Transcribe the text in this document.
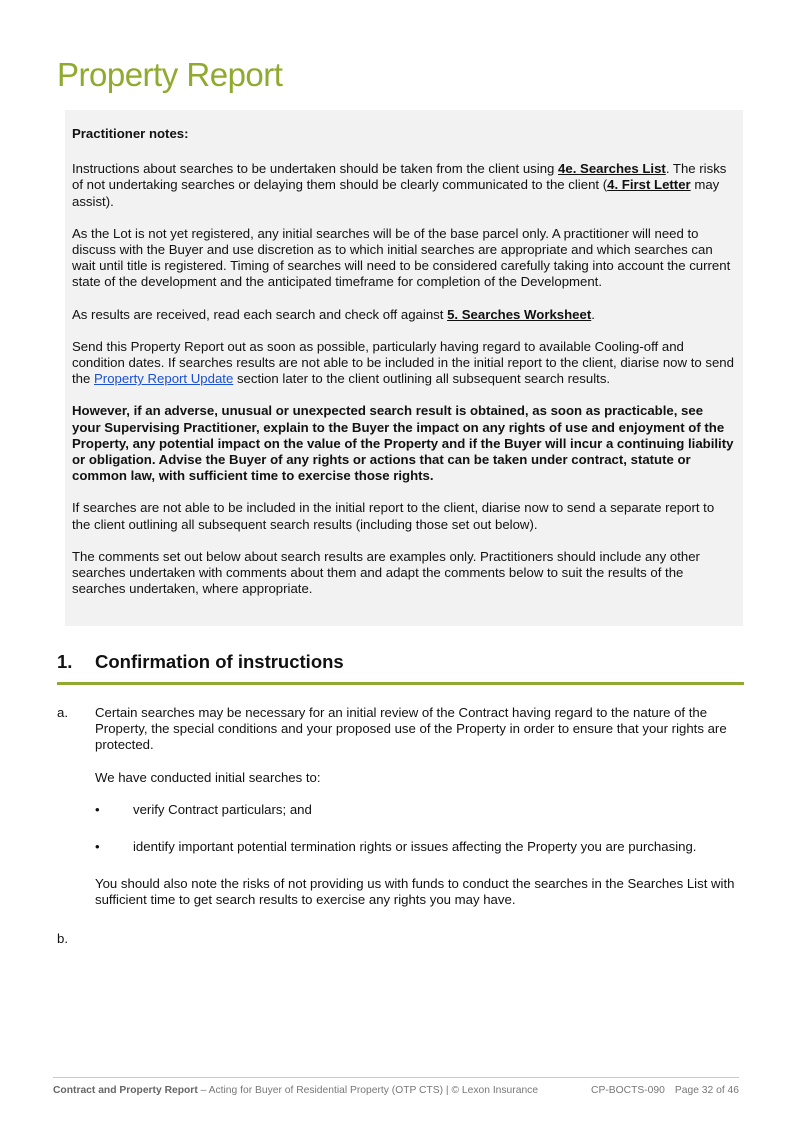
Property Report

Practitioner notes:

Instructions about searches to be undertaken should be taken from the client using 4e. Searches List. The risks of not undertaking searches or delaying them should be clearly communicated to the client (4. First Letter may assist).

As the Lot is not yet registered, any initial searches will be of the base parcel only. A practitioner will need to discuss with the Buyer and use discretion as to which initial searches are appropriate and which searches can wait until title is registered. Timing of searches will need to be considered carefully taking into account the current state of the development and the anticipated timeframe for completion of the Development.

As results are received, read each search and check off against 5. Searches Worksheet.

Send this Property Report out as soon as possible, particularly having regard to available Cooling-off and condition dates. If searches results are not able to be included in the initial report to the client, diarise now to send the Property Report Update section later to the client outlining all subsequent search results.

However, if an adverse, unusual or unexpected search result is obtained, as soon as practicable, see your Supervising Practitioner, explain to the Buyer the impact on any rights of use and enjoyment of the Property, any potential impact on the value of the Property and if the Buyer will incur a continuing liability or obligation. Advise the Buyer of any rights or actions that can be taken under contract, statute or common law, with sufficient time to exercise those rights.

If searches are not able to be included in the initial report to the client, diarise now to send a separate report to the client outlining all subsequent search results (including those set out below).

The comments set out below about search results are examples only. Practitioners should include any other searches undertaken with comments about them and adapt the comments below to suit the results of the searches undertaken, where appropriate.

1. Confirmation of instructions
a. Certain searches may be necessary for an initial review of the Contract having regard to the nature of the Property, the special conditions and your proposed use of the Property in order to ensure that your rights are protected.

We have conducted initial searches to:

•	verify Contract particulars; and
•	identify important potential termination rights or issues affecting the Property you are purchasing.

You should also note the risks of not providing us with funds to conduct the searches in the Searches List with sufficient time to get search results to exercise any rights you may have.

b.

Contract and Property Report – Acting for Buyer of Residential Property (OTP CTS) | © Lexon Insurance	CP-BOCTS-090 Page 32 of 46
